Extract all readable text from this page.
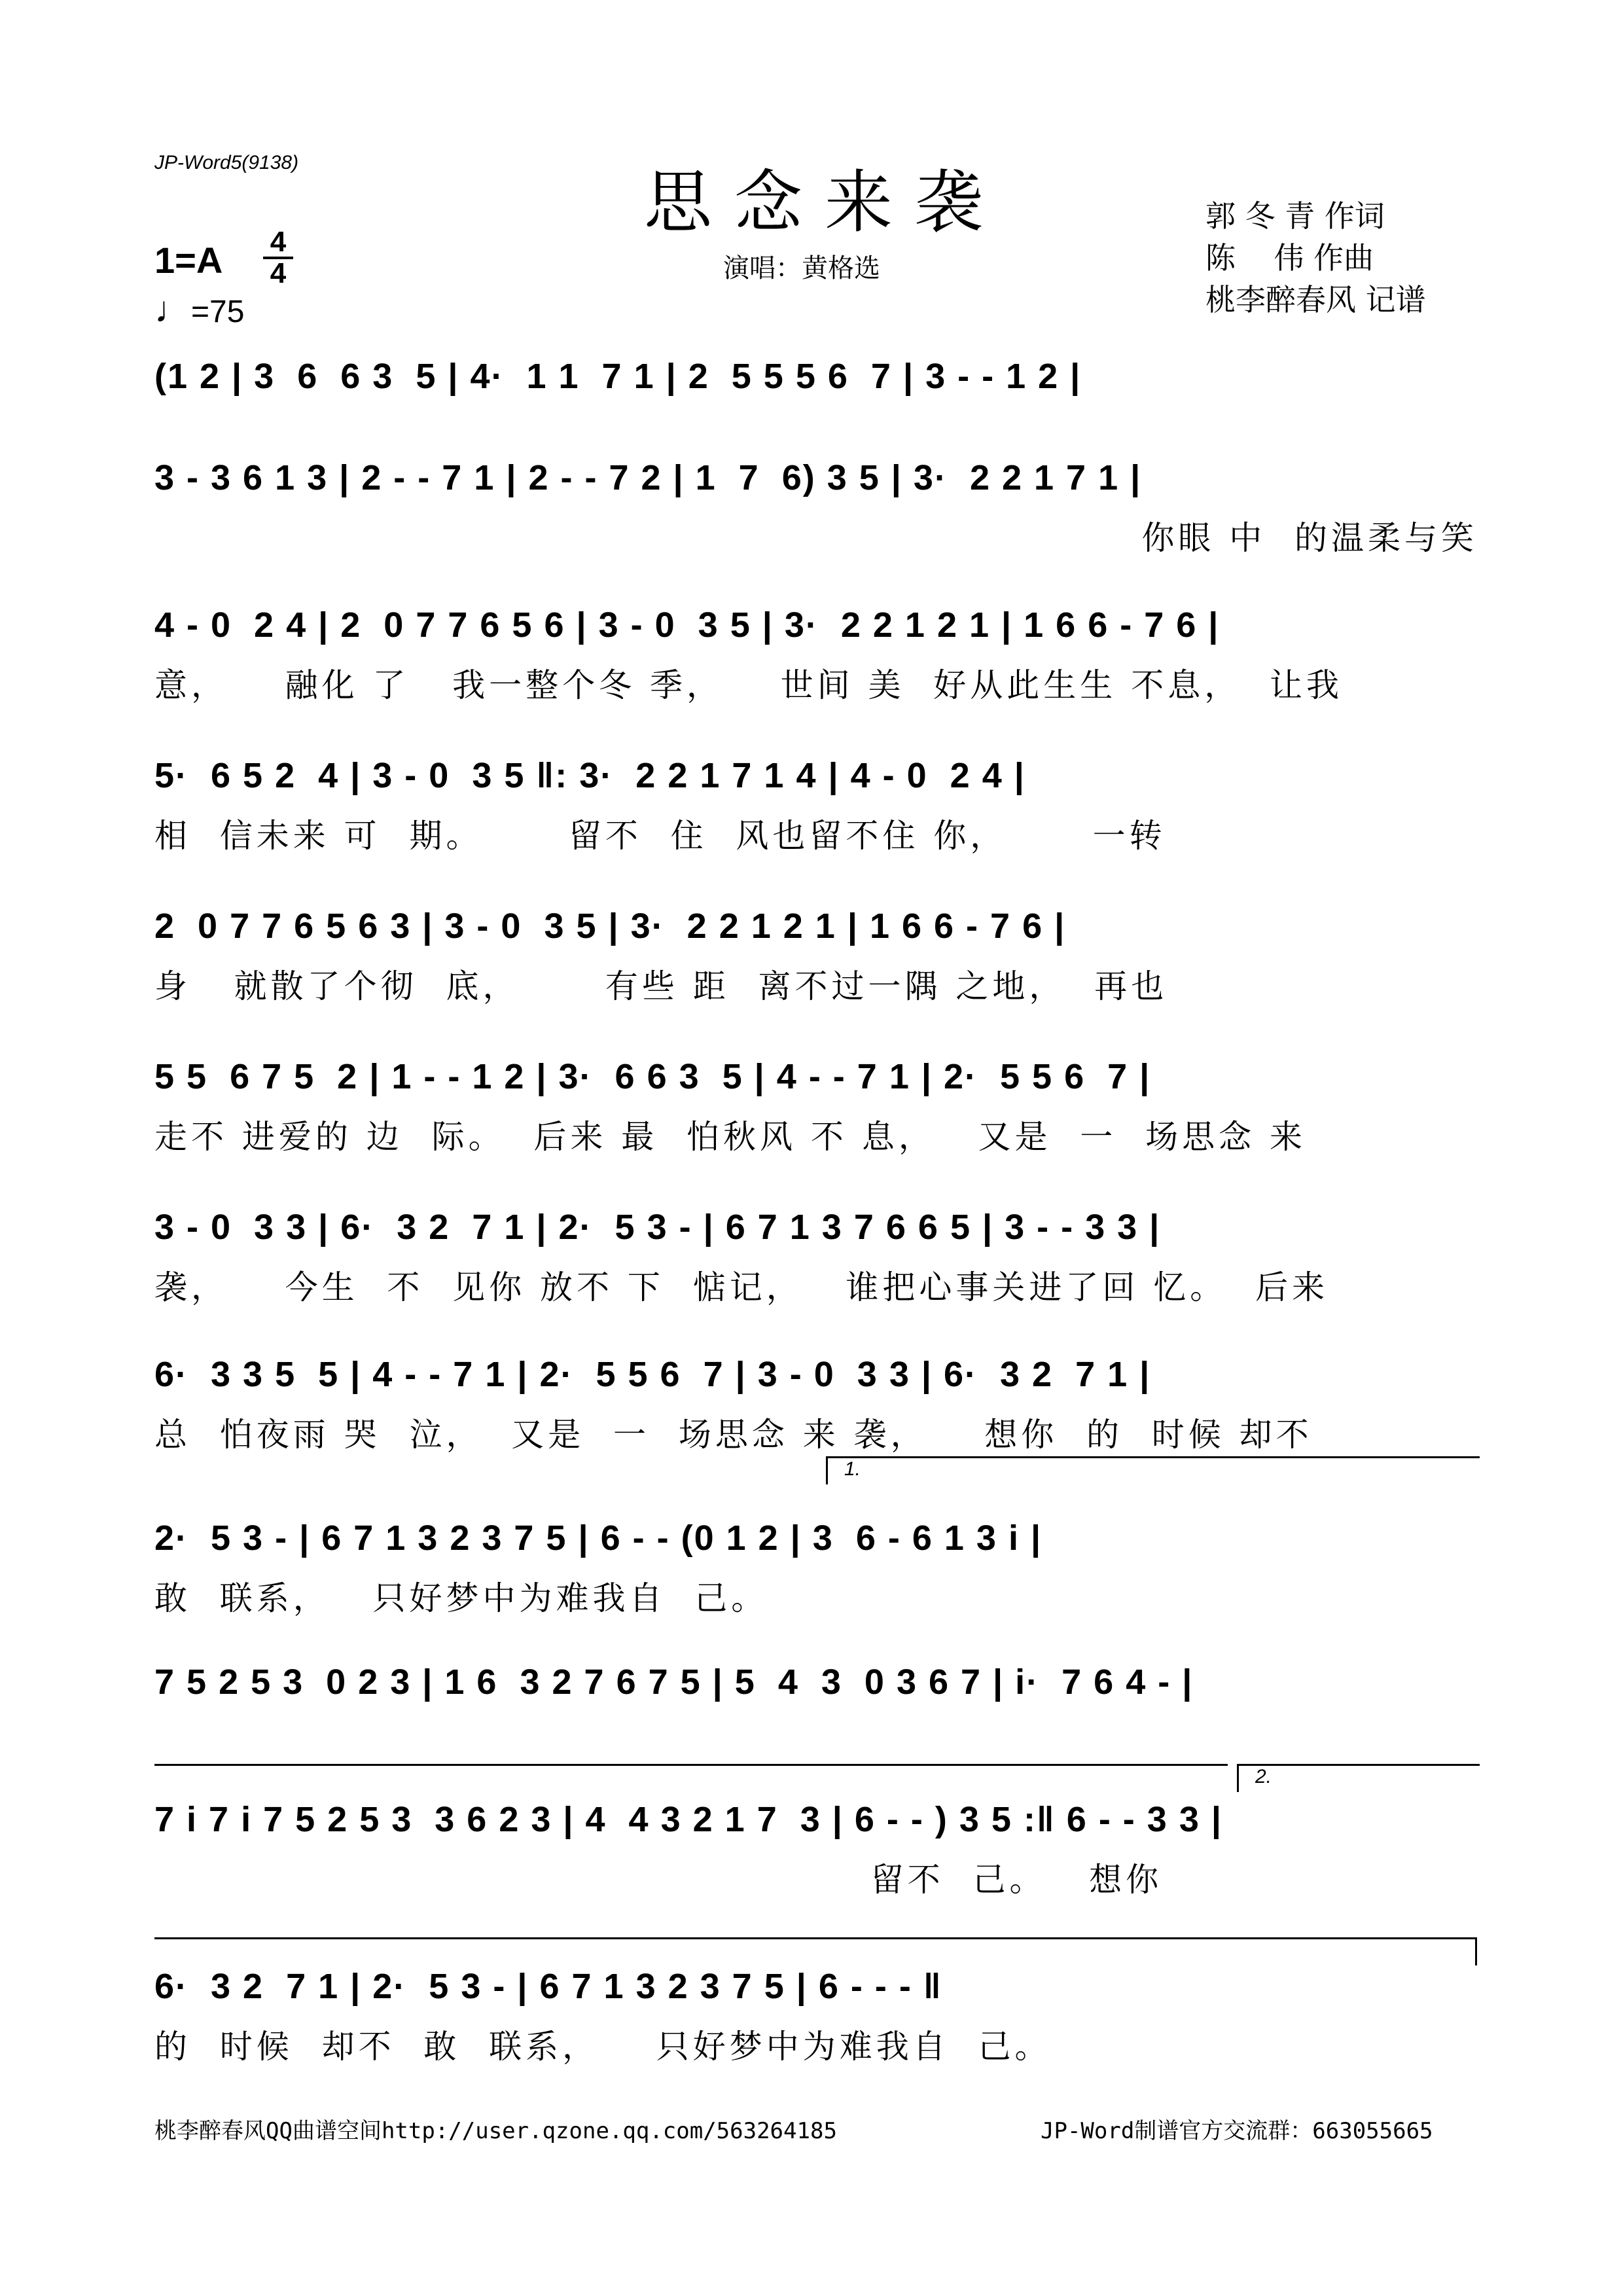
JP-Word5(9138)	思念来袭
演唱：黄格选
郭 冬 青 作词
陈    伟 作曲
桃李醉春风 记谱
1=A 4
4
♩=75
(1 2 | 3  6  6 3  5 | 4·  1 1  7 1 | 2  5 5 5 6  7 | 3 - - 1 2 |
3 - 3 6 1 3 | 2 - - 7 1 | 2 - - 7 2 | 1  7  6) 3 5 | 3·  2 2 1 7 1 |
你眼 中  的温柔与笑
4 - 0  2 4 | 2  0 7 7 6 5 6 | 3 - 0  3 5 | 3·  2 2 1 2 1 | 1 6 6 - 7 6 |
意，    融化 了   我一整个冬 季，    世间 美  好从此生生 不息，  让我
5·  6 5 2  4 | 3 - 0  3 5 ‖: 3·  2 2 1 7 1 4 | 4 - 0  2 4 |
相  信未来 可  期。      留不  住  风也留不住 你，      一转
2  0 7 7 6 5 6 3 | 3 - 0  3 5 | 3·  2 2 1 2 1 | 1 6 6 - 7 6 |
身   就散了个彻  底，      有些 距  离不过一隅 之地，  再也
5 5  6 7 5  2 | 1 - - 1 2 | 3·  6 6 3  5 | 4 - - 7 1 | 2·  5 5 6  7 |
走不 进爱的 边  际。  后来 最  怕秋风 不 息，   又是  一  场思念 来
3 - 0  3 3 | 6·  3 2  7 1 | 2·  5 3 - | 6 7 1 3 7 6 6 5 | 3 - - 3 3 |
袭，    今生  不  见你 放不 下  惦记，   谁把心事关进了回 忆。  后来
6·  3 3 5  5 | 4 - - 7 1 | 2·  5 5 6  7 | 3 - 0  3 3 | 6·  3 2  7 1 |
总  怕夜雨 哭  泣，  又是  一  场思念 来 袭，    想你  的  时候 却不
1.
2·  5 3 - | 6 7 1 3 2 3 7 5 | 6 - - (0 1 2 | 3  6 - 6 1 3 i |
敢  联系，   只好梦中为难我自  己。
7 5 2 5 3  0 2 3 | 1 6  3 2 7 6 7 5 | 5  4  3  0 3 6 7 | i·  7 6 4 - |
2.
7 i 7 i 7 5 2 5 3  3 6 2 3 | 4  4 3 2 1 7  3 | 6 - - ) 3 5 :‖ 6 - - 3 3 |
留不  己。   想你
6·  3 2  7 1 | 2·  5 3 - | 6 7 1 3 2 3 7 5 | 6 - - - ‖
的  时候  却不  敢  联系，    只好梦中为难我自  己。
桃李醉春风QQ曲谱空间http://user.qzone.qq.com/563264185	JP-Word制谱官方交流群：663055665
